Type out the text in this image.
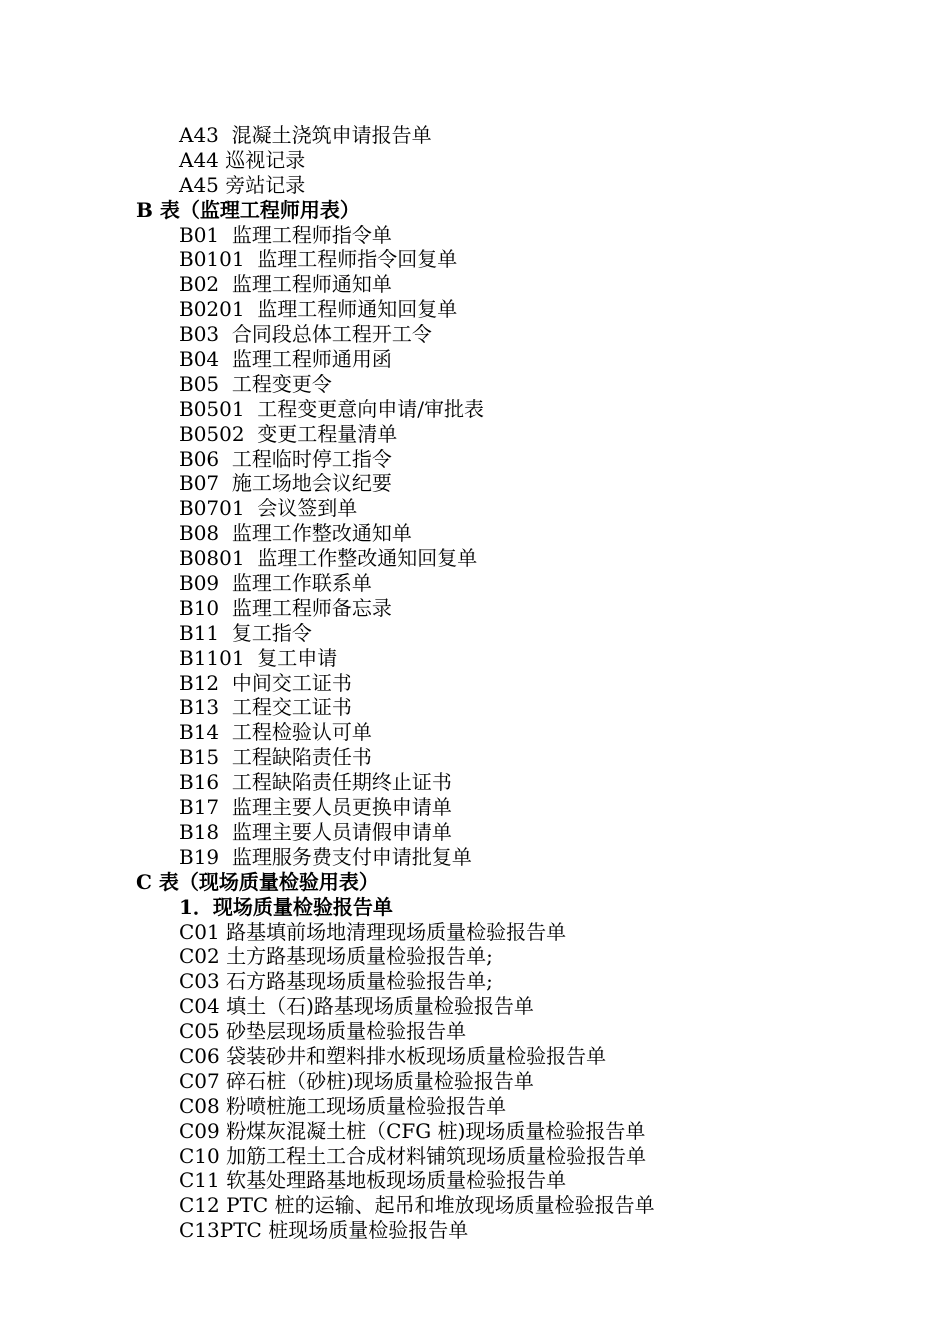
A43  混凝土浇筑申请报告单
A44 巡视记录
A45 旁站记录
B 表（监理工程师用表）
B01  监理工程师指令单
B0101  监理工程师指令回复单
B02  监理工程师通知单
B0201  监理工程师通知回复单
B03  合同段总体工程开工令
B04  监理工程师通用函
B05  工程变更令
B0501  工程变更意向申请/审批表
B0502  变更工程量清单
B06  工程临时停工指令
B07  施工场地会议纪要
B0701  会议签到单
B08  监理工作整改通知单
B0801  监理工作整改通知回复单
B09  监理工作联系单
B10  监理工程师备忘录
B11  复工指令
B1101  复工申请
B12  中间交工证书
B13  工程交工证书
B14  工程检验认可单
B15  工程缺陷责任书
B16  工程缺陷责任期终止证书
B17  监理主要人员更换申请单
B18  监理主要人员请假申请单
B19  监理服务费支付申请批复单
C 表（现场质量检验用表）
1．现场质量检验报告单
C01 路基填前场地清理现场质量检验报告单
C02 土方路基现场质量检验报告单;
C03 石方路基现场质量检验报告单;
C04 填土（石)路基现场质量检验报告单
C05 砂垫层现场质量检验报告单
C06 袋装砂井和塑料排水板现场质量检验报告单
C07 碎石桩（砂桩)现场质量检验报告单
C08 粉喷桩施工现场质量检验报告单
C09 粉煤灰混凝土桩（CFG 桩)现场质量检验报告单
C10 加筋工程土工合成材料铺筑现场质量检验报告单
C11 软基处理路基地板现场质量检验报告单
C12 PTC 桩的运输、起吊和堆放现场质量检验报告单
C13PTC 桩现场质量检验报告单
